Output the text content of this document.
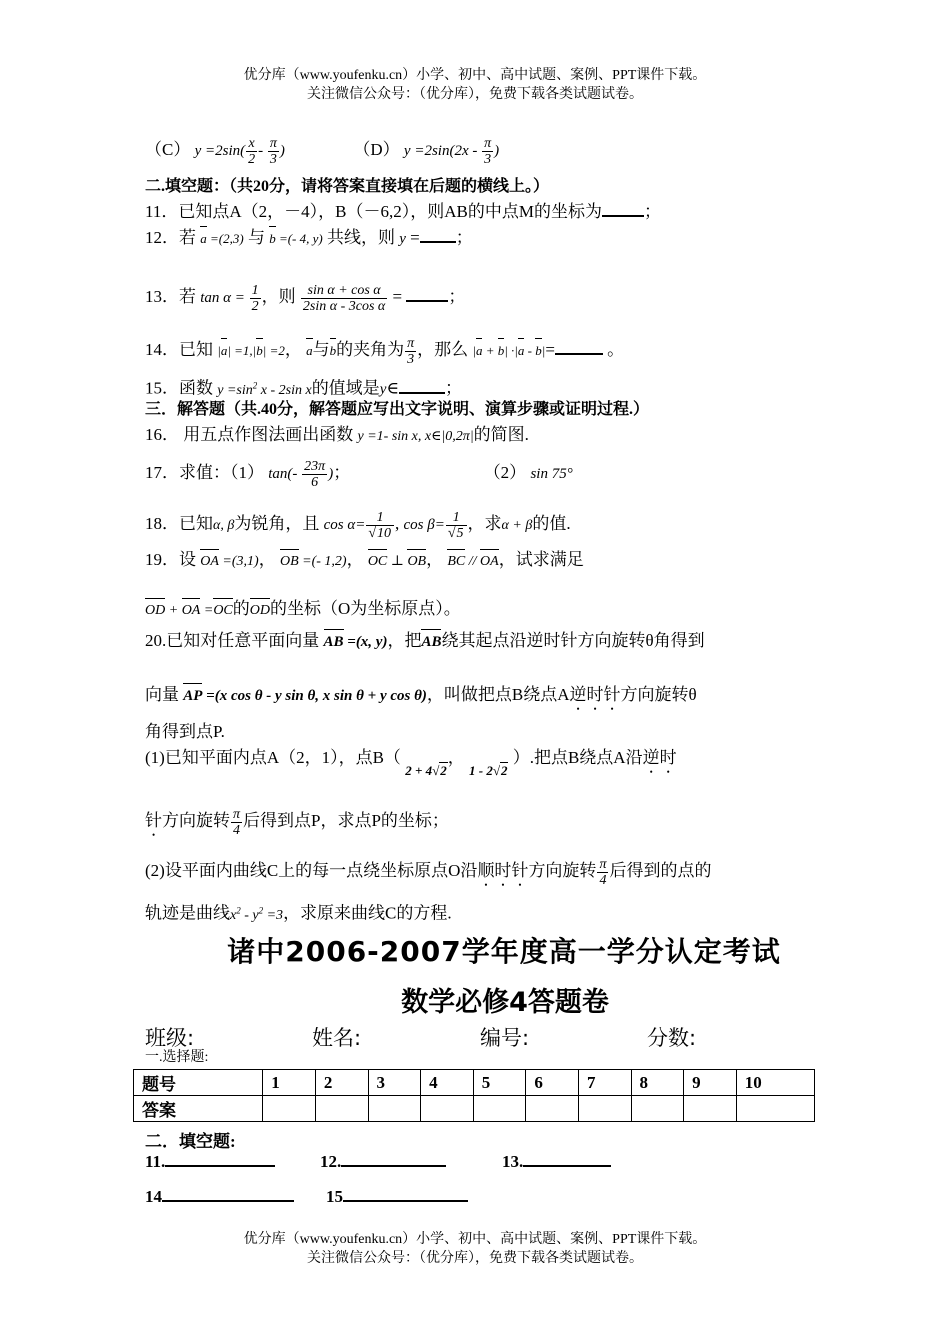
优分库（www.youfenku.cn）小学、初中、高中试题、案例、PPT课件下载。
关注微信公众号：（优分库），免费下载各类试题试卷。
（C） $y =2\sin( \frac{x}{2} - \frac{\pi}{3}$ )	（D） $y =2\sin(2x - \frac{\pi}{3}$ )
二.填空题：（共20分，请将答案直接填在后题的横线上。）
11．已知点A（2，－4），B（－6,2），则AB的中点M的坐标为 ；
12．若 a =(2,3) 与 b =(- 4, y) 共线，则 y = ；
13．若 $\tan \alpha = \frac{1}{2}$ ，则 $\frac{\text{sin α + cos α}}{\text{2sin α - 3cos α}}$ = ；
14．已知 |a| =1,|b| =2， a与b的夹角为 $\frac{\pi}{3}$ ，那么 |a + b| ·|a - b|=	。
15．函数 $y =\sin^2$ x - 2sin x的值域是y∈	；
三．解答题（共.40分，解答题应写出文字说明、演算步骤或证明过程.）
16． 用五点作图法画出函数 y =1- sin x, x∈|0,2π|的简图.
17．求值：（1） $\tan(- \frac{23\pi}{6}$ )；	（2） sin 75°
18．已知α, β为锐角，且 $\cos \alpha= \frac{1}{√10}$ , $\cos \beta= \frac{1}{√5}$ ，求α + β的值.
19．设 OA =(3,1)， OB =(- 1,2)， OC ⊥ OB， BC // OA，试求满足
OD + OA =OC的OD的坐标（O为坐标原点）。
20.已知对任意平面向量 AB =(x, y)，把AB绕其起点沿逆时针方向旋转θ角得到
向量 AP =(x cos θ - y sin θ, x sin θ + y cos θ)，叫做把点B绕点A逆时针方向旋转θ
角得到点P.
(1)已知平面内点A（2，1），点B（ $_{2 + 4√2}$， $_{1 - 2√2}$ ）.把点B绕点A沿逆时
针方向旋转 $\frac{\pi}{4}$ 后得到点P，求点P的坐标；
(2)设平面内曲线C上的每一点绕坐标原点O沿顺时针方向旋转 $\frac{\pi}{4}$ 后得到的点的
轨迹是曲线$x^2 - y^2 =3$，求原来曲线C的方程.
诸中2006-2007学年度高一学分认定考试
数学必修4答题卷
班级:	姓名:	编号:	分数:
一.选择题:
题号	1	2	3	4	5	6	7	8	9	10
答案										
二．填空题:
11.	12.	13.
14	15
优分库（www.youfenku.cn）小学、初中、高中试题、案例、PPT课件下载。
关注微信公众号：（优分库），免费下载各类试题试卷。
